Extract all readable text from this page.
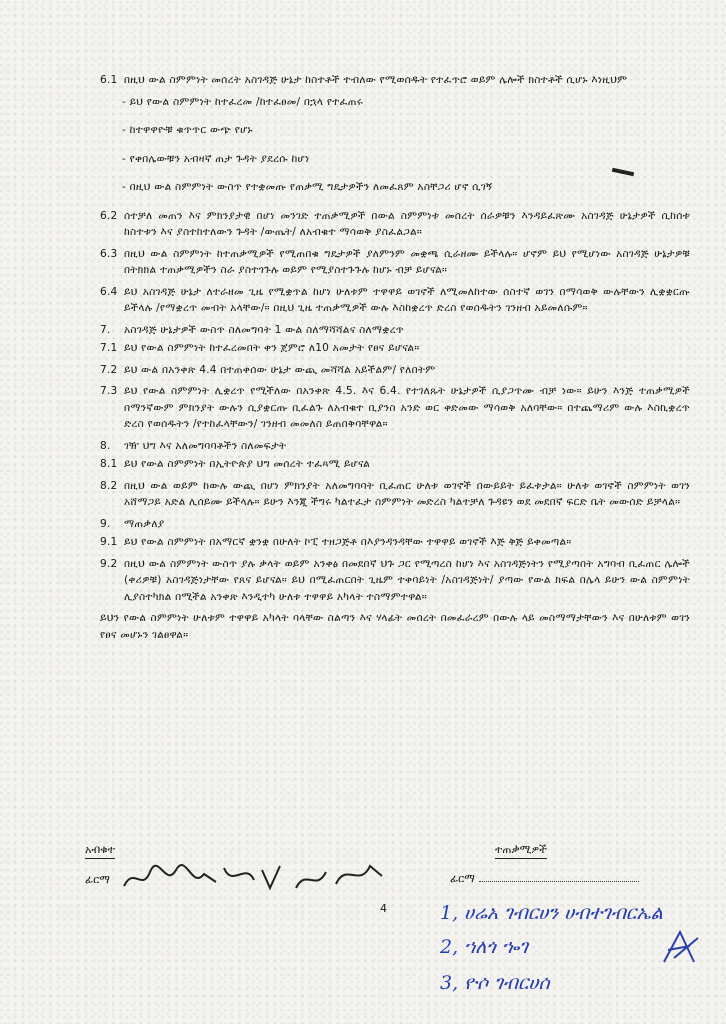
6.1 በዚህ ውል ስምምነት መሰረት አስገዳጅ ሁኔታ ከስተቶች ተብለው የሚወሰዱት የተፈጥሮ ወይም ሌሎች ክስተቶች ሲሆኑ እነዚህም

- ይህ የውል ስምምነት ከተፈረመ /ከተፈፀመ/ በኋላ የተፈጠሩ
- ከተዋዋዮቹ ቁጥጥር ውጭ የሆኑ
- የቀበሌውቹን አብዛኛ ጠታ ጉዳት ያደረሱ ከሆነ
- በዚህ ውል ስምምነት ውስጥ የተቋመጡ የጠቃሚ ግዴታዎችን ለመፈጸም አስቸጋሪ ሆኖ ሲገኝ
6.2 ሰተቻለ መጠን እና ምክንያታዊ በሆነ መንገድ ተጠቃሚዎች በውል ስምምነቱ መሰረት ሰራዎቹን እንዳይፈጽሙ አስገዳጅ ሁኔታዎች ሲከሰቱ ከስተቱን እና ያስተከተለውን ጉዳት /ውጤት/ ለአብቁተ ማሳወቅ ያስፈልጋል።

6.3 በዚህ ውል ስምምነት ከተጠቃሚዎች የሚጠበቁ ግዴታዎች ያለምንም መቋጫ ሲራዘሙ ይችላሉ። ሆኖም ይህ የሚሆነው አስገዳጅ ሁኔታዎቹ በትክክል ተጠቃሚዎችን ስራ ያስተጎጉሉ ወይም የሚያስተጉጉሉ ከሆኑ ብቻ ይሆናል።

6.4 ይህ አስገዳጅ ሁኔታ ለተራዘመ ጊዜ የሚቋጥል ከሆነ ሁለቱም ተዋዋይ ወገኖች ለሚመለከተው ሰስተኛ ወገን በማሳወቅ ውሉቸውን ሊቋቋርጡ ይችላሉ /የማቋረጥ መብት አላቸው/። በዚህ ጊዜ ተጠቃሚዎች ውሉ እስከቋረጥ ድረስ የወሰዱትን ገንዘብ አይመለሱም።

7.	አስገዳጅ ሁኔታዎች ውስጥ ስለመግባት 1 ውል ስለማሻሻልና ስለማቋረጥ
7.1 ይህ የውል ስምምነት ከተፈረመበት ቀን ጀምሮ ለ10 አመታት የፀና ይሆናል።

7.2 ይህ ውል በአንቀጽ 4.4 በተጠቀሰው ሁኔታ ውጪ መሻሻል አይችልም/ የለበትም

7.3 ይህ የውል ስምምነት ሊቋረጥ የሚችለው በአንቀጽ 4.5. እና 6.4. የተገለጹት ሁኔታዎች ሲያጋጥሙ ብቻ ነው። ይሁን እንጅ ተጠቃሚዎች በማንኛውም ምክንያት ውሉን ሲያቋርጡ ቢፈልጉ ለአብቁተ ቢያንስ አንድ ወር ቀድመው ማሳወቅ አለባቸው። በተጨማሪም ውሉ እስኪቋረጥ ድረስ የወሰዱትን /የተከፈላቸውን/ ገንዘብ መመለስ ይጠበቅባቸዋል።

8.	ገዥ ህግ እና አለመግባባቶችን ስለመፍታት
8.1 ይህ የውል ስምምነት በኢትዮጵያ ህግ መሰረት ተፈጻሚ ይሆናል

8.2 በዚህ ውል ወይም ከውሉ ውጪ በሆነ ምክንያት አለመግባባት ቢፈጠር ሁለቱ ወገኖች በውይይት ይፈቱታል። ሁለቱ ወገኖች ስምምነት ወገን አሸማጋይ አድል ሊሰይሙ ይችላሉ። ይሁን እንጂ ችግሩ ካልተፈታ ስምምነት መድረስ ካልተቻለ ጉዳዩን ወደ መደበኛ ፍርድ ቤት መውሰድ ይቻላል።

9.	ማጠቃለያ
9.1 ይህ የውል ስምምነት በአማርኛ ቋንቋ በሁለት ኮፒ ተዘጋጅቶ በእያንዳንዳቸው ተዋዋይ ወገኖች እጅ ቅጅ ይቀመጣል።

9.2 በዚህ ውል ስምምነት ውስጥ ያሉ ቃላት ወይም አንቀፅ በመደበኛ ህጉ ጋር የሚጣረስ ከሆነ እና አስገዳጅነትን የሚያጣበት አግባብ ቢፈጠር ሌሎች (ቀሪዎቹ) አስገዳጅነታቸው የጸና ይሆናል። ይህ በሚፈጠርበት ጊዜም ተቀባይነት /አስገዳጅነት/ ያጣው የውል ክፍል በሌላ ይሁን ውል ስምምነት ሊያስተካክል በሚችል አንቀጽ እንዲተካ ሁለቱ ተዋዋይ አካላት ተስማምተዋል።

ይህን የውል ስምምነት ሁለቱም ተዋዋይ አካላት ባላቸው ስልጣን እና ሃላፊት መሰረት በመፈራረም በውሉ ላይ መስማማታቸውን እና በሁለቱም ወገን የፀና መሆኑን ገልፀዋል።

አብቁተ
ፊርማ
ተጠቃሚዎች
ፊርማ
4	1, ሀሬአ ገብርሀን ሀብተገብርኤል
2, ኀለጎ ኈገ
3, ዮሶ ገብርሀሰ
